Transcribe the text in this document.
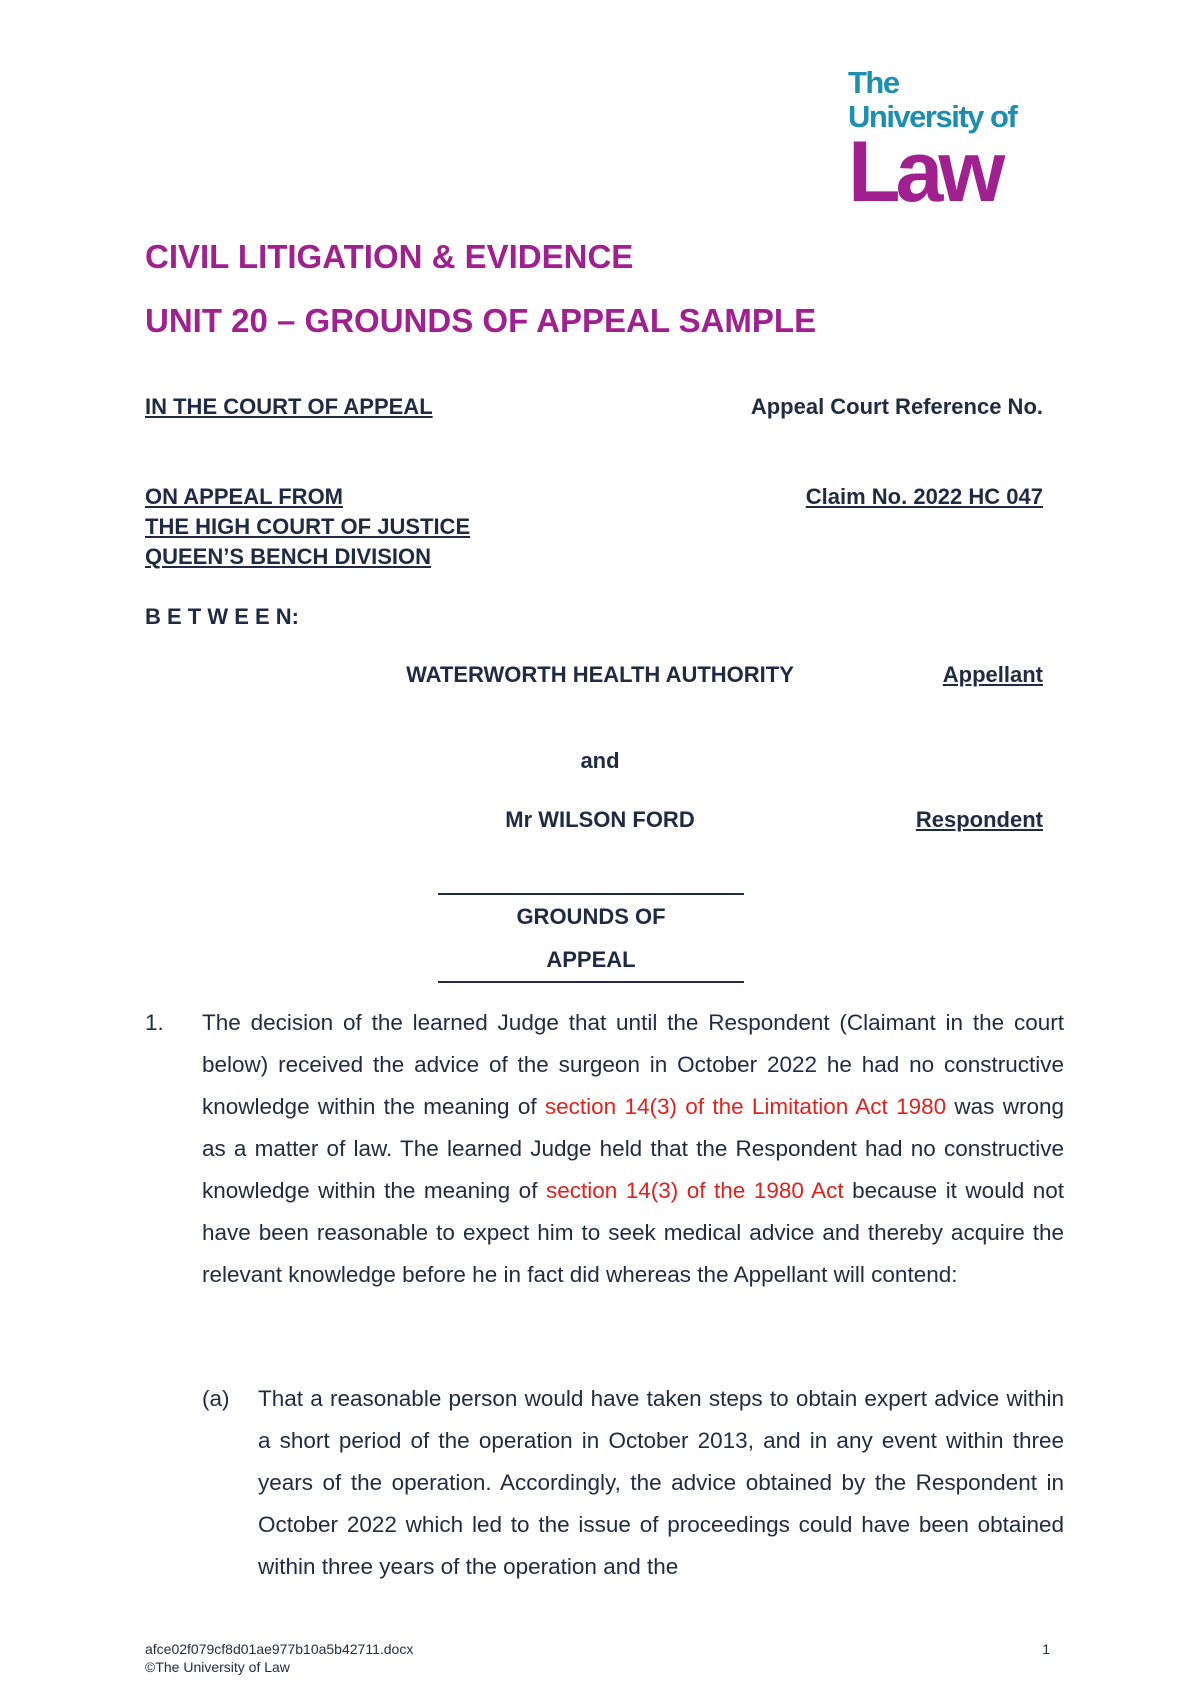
The
University of
Law
CIVIL LITIGATION & EVIDENCE
UNIT 20 – GROUNDS OF APPEAL SAMPLE
IN THE COURT OF APPEAL	Appeal Court Reference No.
ON APPEAL FROM
THE HIGH COURT OF JUSTICE
QUEEN’S BENCH DIVISION
Claim No. 2022 HC 047
B E T W E E N:
WATERWORTH HEALTH AUTHORITY	Appellant
and
Mr WILSON FORD	Respondent
GROUNDS OF
APPEAL
1. The decision of the learned Judge that until the Respondent (Claimant in the court below) received the advice of the surgeon in October 2022 he had no constructive knowledge within the meaning of section 14(3) of the Limitation Act 1980 was wrong as a matter of law. The learned Judge held that the Respondent had no constructive knowledge within the meaning of section 14(3) of the 1980 Act because it would not have been reasonable to expect him to seek medical advice and thereby acquire the relevant knowledge before he in fact did whereas the Appellant will contend:
(a) That a reasonable person would have taken steps to obtain expert advice within a short period of the operation in October 2013, and in any event within three years of the operation. Accordingly, the advice obtained by the Respondent in October 2022 which led to the issue of proceedings could have been obtained within three years of the operation and the
afce02f079cf8d01ae977b10a5b42711.docx
©The University of Law
1
